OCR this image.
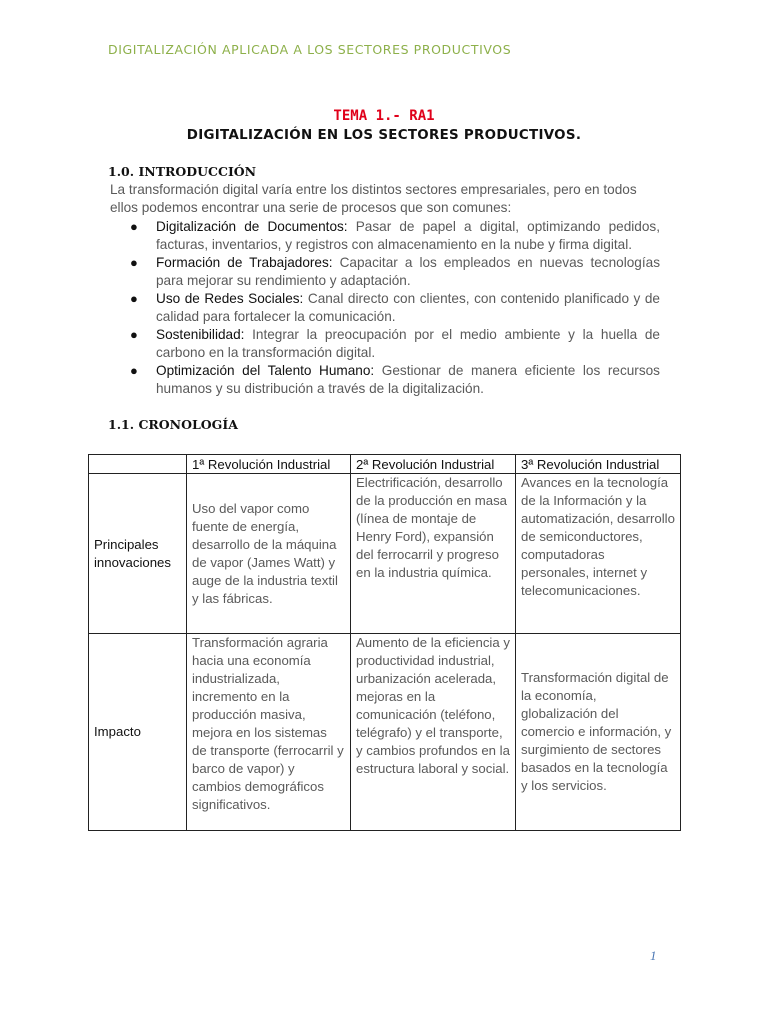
DIGITALIZACIÓN APLICADA A LOS SECTORES PRODUCTIVOS
TEMA 1.- RA1
DIGITALIZACIÓN EN LOS SECTORES PRODUCTIVOS.
1.0. INTRODUCCIÓN
La transformación digital varía entre los distintos sectores empresariales, pero en todos ellos podemos encontrar una serie de procesos que son comunes:
● Digitalización de Documentos: Pasar de papel a digital, optimizando pedidos, facturas, inventarios, y registros con almacenamiento en la nube y firma digital.
● Formación de Trabajadores: Capacitar a los empleados en nuevas tecnologías para mejorar su rendimiento y adaptación.
● Uso de Redes Sociales: Canal directo con clientes, con contenido planificado y de calidad para fortalecer la comunicación.
● Sostenibilidad: Integrar la preocupación por el medio ambiente y la huella de carbono en la transformación digital.
● Optimización del Talento Humano: Gestionar de manera eficiente los recursos humanos y su distribución a través de la digitalización.
1.1. CRONOLOGÍA
	1ª Revolución Industrial	2ª Revolución Industrial	3ª Revolución Industrial
Principales innovaciones	Uso del vapor como fuente de energía, desarrollo de la máquina de vapor (James Watt) y auge de la industria textil y las fábricas.	Electrificación, desarrollo de la producción en masa (línea de montaje de Henry Ford), expansión del ferrocarril y progreso en la industria química.	Avances en la tecnología de la Información y la automatización, desarrollo de semiconductores, computadoras personales, internet y telecomunicaciones.
Impacto	Transformación agraria hacia una economía industrializada, incremento en la producción masiva, mejora en los sistemas de transporte (ferrocarril y barco de vapor) y cambios demográficos significativos.	Aumento de la eficiencia y productividad industrial, urbanización acelerada, mejoras en la comunicación (teléfono, telégrafo) y el transporte, y cambios profundos en la estructura laboral y social.	Transformación digital de la economía, globalización del comercio e información, y surgimiento de sectores basados en la tecnología y los servicios.
1
